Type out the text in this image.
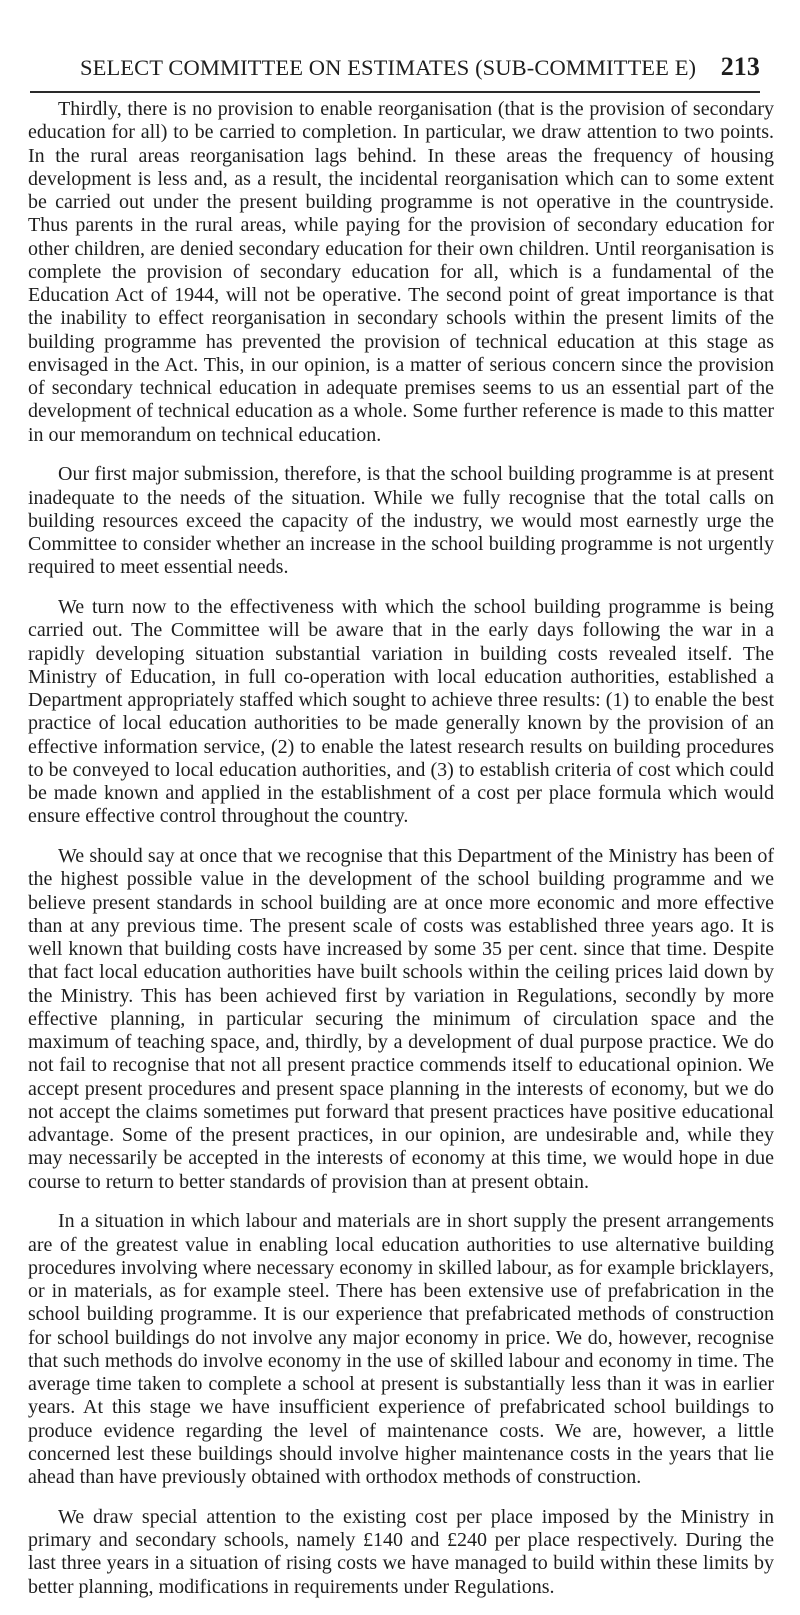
SELECT COMMITTEE ON ESTIMATES (SUB-COMMITTEE E) 213

Thirdly, there is no provision to enable reorganisation (that is the provision of secondary education for all) to be carried to completion. In particular, we draw attention to two points. In the rural areas reorganisation lags behind. In these areas the frequency of housing development is less and, as a result, the incidental reorganisation which can to some extent be carried out under the present building programme is not operative in the countryside. Thus parents in the rural areas, while paying for the provision of secondary education for other children, are denied secondary education for their own children. Until reorganisation is complete the provision of secondary education for all, which is a fundamental of the Education Act of 1944, will not be operative. The second point of great importance is that the inability to effect reorganisation in secondary schools within the present limits of the building programme has prevented the provision of technical education at this stage as envisaged in the Act. This, in our opinion, is a matter of serious concern since the provision of secondary technical education in adequate premises seems to us an essential part of the development of technical education as a whole. Some further reference is made to this matter in our memorandum on technical education.

Our first major submission, therefore, is that the school building programme is at present inadequate to the needs of the situation. While we fully recognise that the total calls on building resources exceed the capacity of the industry, we would most earnestly urge the Committee to consider whether an increase in the school building programme is not urgently required to meet essential needs.

We turn now to the effectiveness with which the school building programme is being carried out. The Committee will be aware that in the early days following the war in a rapidly developing situation substantial variation in building costs revealed itself. The Ministry of Education, in full co-operation with local education authorities, established a Department appropriately staffed which sought to achieve three results: (1) to enable the best practice of local education authorities to be made generally known by the provision of an effective information service, (2) to enable the latest research results on building procedures to be conveyed to local education authorities, and (3) to establish criteria of cost which could be made known and applied in the establishment of a cost per place formula which would ensure effective control throughout the country.

We should say at once that we recognise that this Department of the Ministry has been of the highest possible value in the development of the school building programme and we believe present standards in school building are at once more economic and more effective than at any previous time. The present scale of costs was established three years ago. It is well known that building costs have increased by some 35 per cent. since that time. Despite that fact local education authorities have built schools within the ceiling prices laid down by the Ministry. This has been achieved first by variation in Regulations, secondly by more effective planning, in particular securing the minimum of circulation space and the maximum of teaching space, and, thirdly, by a development of dual purpose practice. We do not fail to recognise that not all present practice commends itself to educational opinion. We accept present procedures and present space planning in the interests of economy, but we do not accept the claims sometimes put forward that present practices have positive educational advantage. Some of the present practices, in our opinion, are undesirable and, while they may necessarily be accepted in the interests of economy at this time, we would hope in due course to return to better standards of provision than at present obtain.

In a situation in which labour and materials are in short supply the present arrangements are of the greatest value in enabling local education authorities to use alternative building procedures involving where necessary economy in skilled labour, as for example bricklayers, or in materials, as for example steel. There has been extensive use of prefabrication in the school building programme. It is our experience that prefabricated methods of construction for school buildings do not involve any major economy in price. We do, however, recognise that such methods do involve economy in the use of skilled labour and economy in time. The average time taken to complete a school at present is substantially less than it was in earlier years. At this stage we have insufficient experience of prefabricated school buildings to produce evidence regarding the level of maintenance costs. We are, however, a little concerned lest these buildings should involve higher maintenance costs in the years that lie ahead than have previously obtained with orthodox methods of construction.

We draw special attention to the existing cost per place imposed by the Ministry in primary and secondary schools, namely £140 and £240 per place respectively. During the last three years in a situation of rising costs we have managed to build within these limits by better planning, modifications in requirements under Regulations.
